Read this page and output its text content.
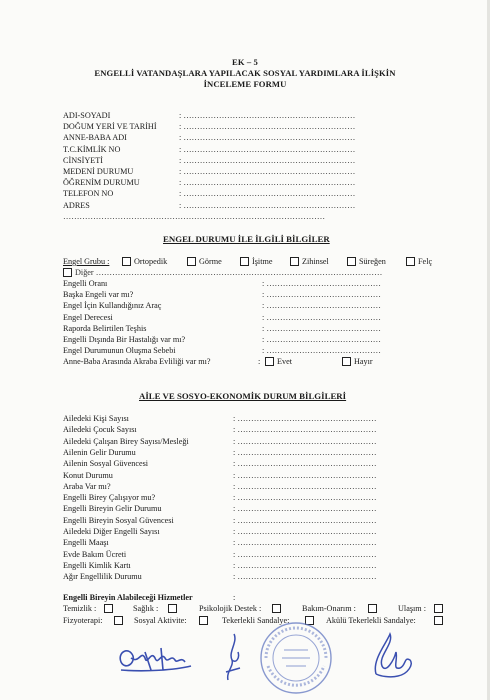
EK – 5
ENGELLİ VATANDAŞLARA YAPILACAK SOSYAL YARDIMLARA İLİŞKİN
İNCELEME FORMU
ADI-SOYADI	: ………………………………………………………
DOĞUM YERİ VE TARİHİ	: ………………………………………………………
ANNE-BABA ADI	: ………………………………………………………
T.C.KİMLİK NO	: ………………………………………………………
CİNSİYETİ	: ………………………………………………………
MEDENİ DURUMU	: ………………………………………………………
ÖĞRENİM DURUMU	: ………………………………………………………
TELEFON NO	: ………………………………………………………
ADRES	: ………………………………………………………
……………………………………………………………………………………
ENGEL DURUMU İLE İLGİLİ BİLGİLER
Engel Grubu :	Ortopedik	Görme	İşitme	Zihinsel	Süreğen	Felç
Diğer ……………………………………………………………………………………………
Engelli Oranı	: ……………………………………
Başka Engeli var mı?	: ……………………………………
Engel İçin Kullandığınız Araç	: ……………………………………
Engel Derecesi	: ……………………………………
Raporda Belirtilen Teşhis	: ……………………………………
Engelli Dışında Bir Hastalığı var mı?	: ……………………………………
Engel Durumunun Oluşma Sebebi	: ……………………………………
Anne-Baba Arasında Akraba Evliliği var mı?	: Evet	Hayır
AİLE VE SOSYO-EKONOMİK DURUM BİLGİLERİ
Ailedeki Kişi Sayısı	: ……………………………………………
Ailedeki Çocuk Sayısı	: ……………………………………………
Ailedeki Çalışan Birey Sayısı/Mesleği	: ……………………………………………
Ailenin Gelir Durumu	: ……………………………………………
Ailenin Sosyal Güvencesi	: ……………………………………………
Konut Durumu	: ……………………………………………
Araba Var mı?	: ……………………………………………
Engelli Birey Çalışıyor mu?	: ……………………………………………
Engelli Bireyin Gelir Durumu	: ……………………………………………
Engelli Bireyin Sosyal Güvencesi	: ……………………………………………
Ailedeki Diğer Engelli Sayısı	: ……………………………………………
Engelli Maaşı	: ……………………………………………
Evde Bakım Ücreti	: ……………………………………………
Engelli Kimlik Kartı	: ……………………………………………
Ağır Engellilik Durumu	: ……………………………………………
Engelli Bireyin Alabileceği Hizmetler	:
Temizlik :	Sağlık :	Psikolojik Destek :	Bakım-Onarım :	Ulaşım :
Fizyoterapi:	Sosyal Aktivite:	Tekerlekli Sandalye:	Akülü Tekerlekli Sandalye:
